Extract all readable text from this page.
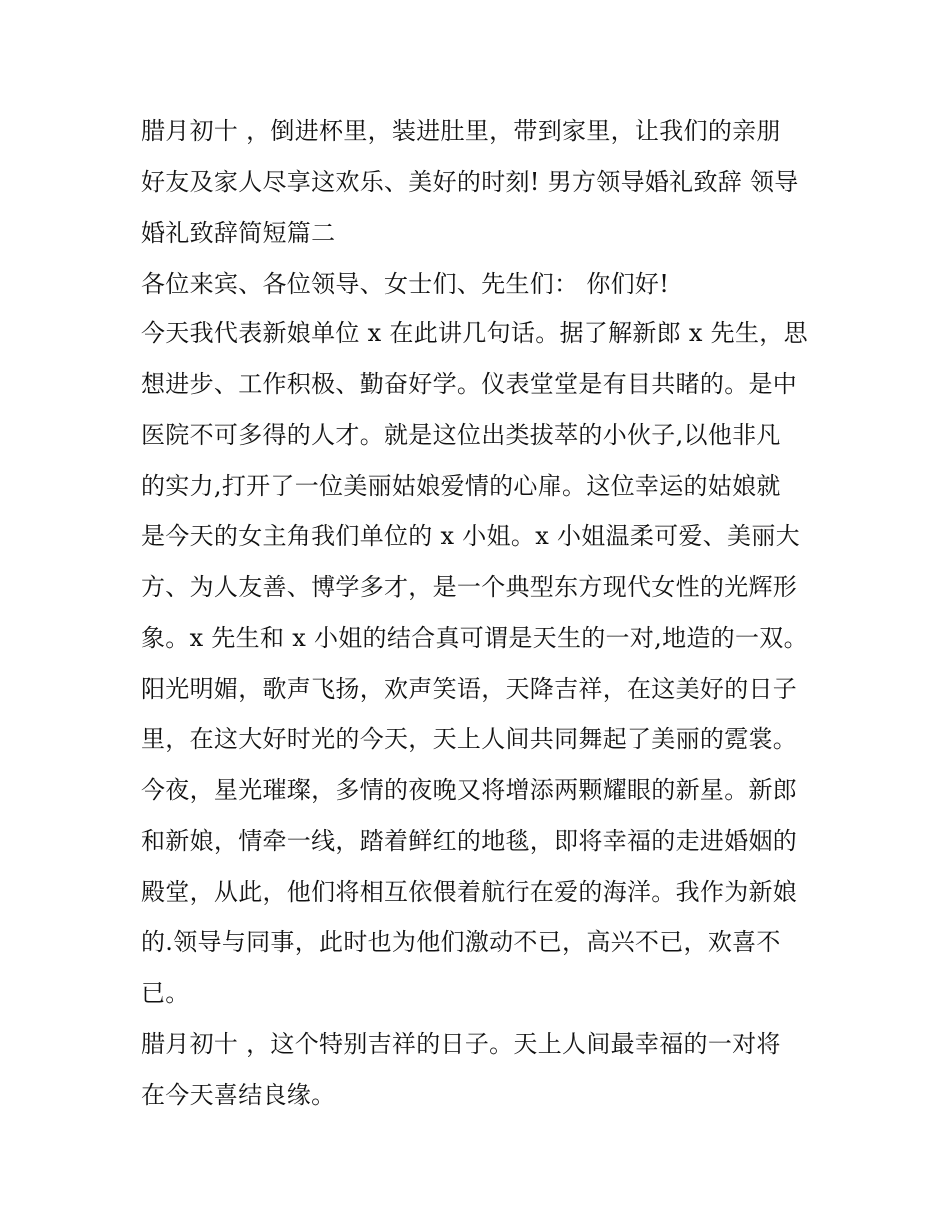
腊月初十 ，倒进杯里，装进肚里，带到家里，让我们的亲朋

好友及家人尽享这欢乐、美好的时刻! 男方领导婚礼致辞 领导

婚礼致辞简短篇二

各位来宾、各位领导、女士们、先生们： 你们好!

今天我代表新娘单位 x 在此讲几句话。据了解新郎 x 先生，思

想进步、工作积极、勤奋好学。仪表堂堂是有目共睹的。是中

医院不可多得的人才。就是这位出类拔萃的小伙子,以他非凡

的实力,打开了一位美丽姑娘爱情的心扉。这位幸运的姑娘就

是今天的女主角我们单位的 x 小姐。x 小姐温柔可爱、美丽大

方、为人友善、博学多才，是一个典型东方现代女性的光辉形

象。x 先生和 x 小姐的结合真可谓是天生的一对,地造的一双。

阳光明媚，歌声飞扬，欢声笑语，天降吉祥，在这美好的日子

里，在这大好时光的今天，天上人间共同舞起了美丽的霓裳。

今夜，星光璀璨，多情的夜晚又将增添两颗耀眼的新星。新郎

和新娘，情牵一线，踏着鲜红的地毯，即将幸福的走进婚姻的

殿堂，从此，他们将相互依偎着航行在爱的海洋。我作为新娘

的.领导与同事，此时也为他们激动不已，高兴不已，欢喜不

已。

腊月初十 ，这个特别吉祥的日子。天上人间最幸福的一对将

在今天喜结良缘。
